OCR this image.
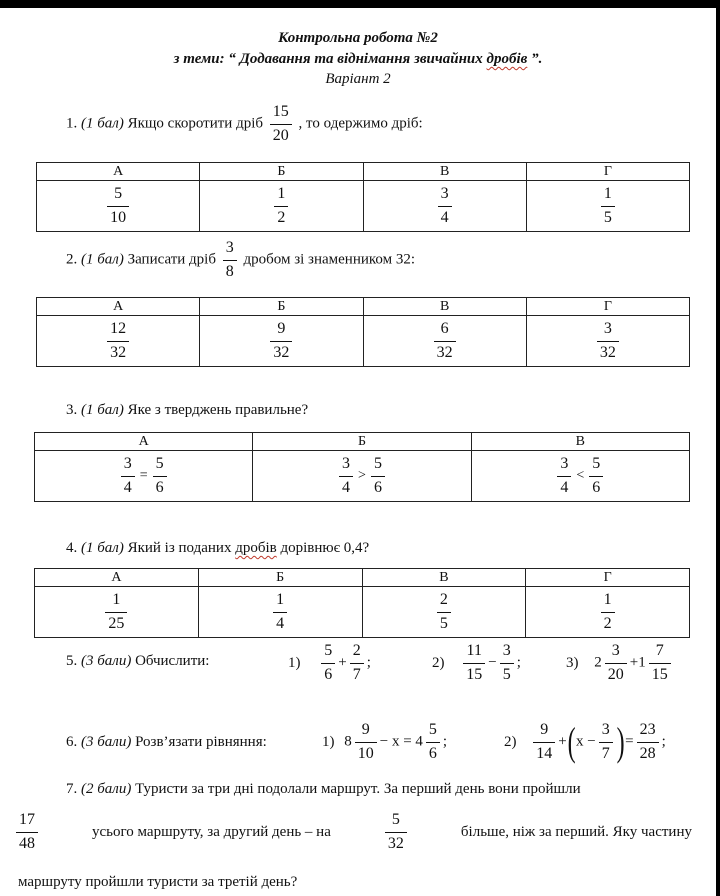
Контрольна робота №2
з теми: “ Додавання та віднімання звичайних дробів ”.
Варіант 2
1. (1 бал) Якщо скоротити дріб $\frac{15}{20}$ , то одержимо дріб:
А	Б	В	Г

$\frac{5}{10}$	$\frac{1}{2}$	$\frac{3}{4}$	$\frac{1}{5}$
2. (1 бал) Записати дріб $\frac{3}{8}$ дробом зі знаменником 32:
А	Б	В	Г

$\frac{12}{32}$	$\frac{9}{32}$	$\frac{6}{32}$	$\frac{3}{32}$
3. (1 бал) Яке з тверджень правильне?
А	Б	В

$\frac{3}{4} = \frac{5}{6}$	$\frac{3}{4} > \frac{5}{6}$	$\frac{3}{4} < \frac{5}{6}$
4. (1 бал) Який із поданих дробів дорівнює 0,4?
А	Б	В	Г

$\frac{1}{25}$	$\frac{1}{4}$	$\frac{2}{5}$	$\frac{1}{2}$
5. (3 бали) Обчислити:	$1) \frac{5}{6} + \frac{2}{7}$ ;	$2) \frac{11}{15} - \frac{3}{5}$ ;	3) $2 \frac{3}{20} +1 \frac{7}{15}$
6. (3 бали) Розв’язати рівняння:	1) $8 \frac{9}{10} - x = 4 \frac{5}{6}$ ;	$2) \frac{9}{14} +(x - \frac{3}{7}$ )= $\frac{23}{28}$ ;
7. (2 бали) Туристи за три дні подолали маршрут. За перший день вони пройшли
$\frac{17}{48}$	усього маршруту, за другий день – на	$\frac{5}{32}$	більше, ніж за перший. Яку частину
маршруту пройшли туристи за третій день?
